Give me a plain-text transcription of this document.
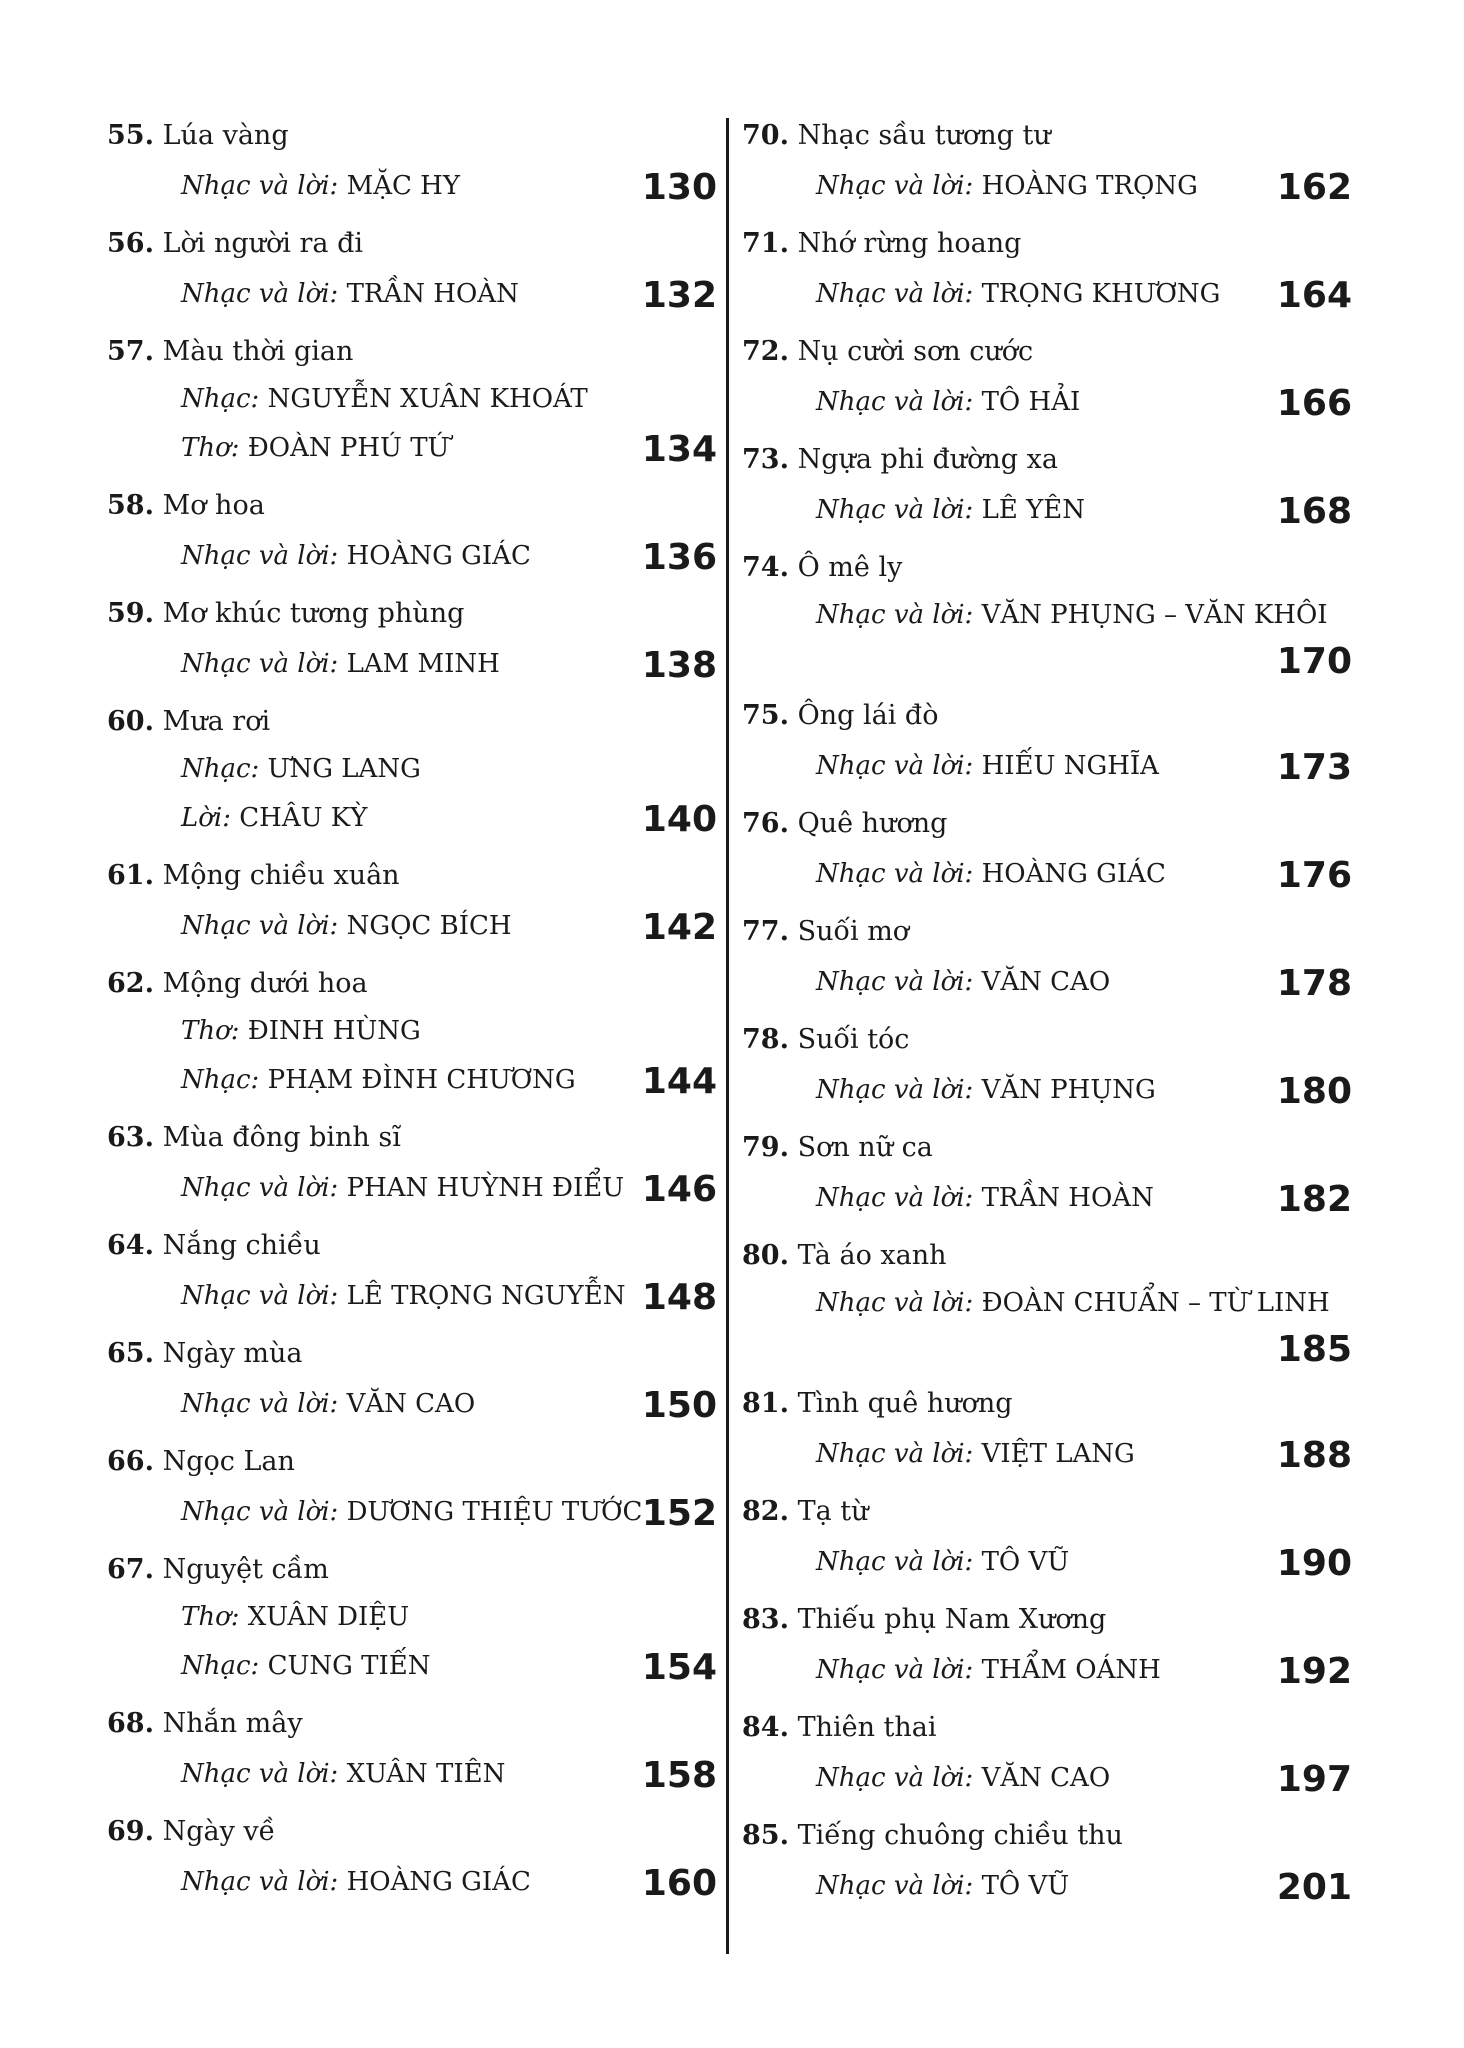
55. Lúa vàng
Nhạc và lời: MẶC HY	130
56. Lời người ra đi
Nhạc và lời: TRẦN HOÀN	132
57. Màu thời gian
Nhạc: NGUYỄN XUÂN KHOÁT
Thơ: ĐOÀN PHÚ TỨ	134
58. Mơ hoa
Nhạc và lời: HOÀNG GIÁC	136
59. Mơ khúc tương phùng
Nhạc và lời: LAM MINH	138
60. Mưa rơi
Nhạc: ƯNG LANG
Lời: CHÂU KỲ	140
61. Mộng chiều xuân
Nhạc và lời: NGỌC BÍCH	142
62. Mộng dưới hoa
Thơ: ĐINH HÙNG
Nhạc: PHẠM ĐÌNH CHƯƠNG 144
63. Mùa đông binh sĩ
Nhạc và lời: PHAN HUỲNH ĐIỂU 146
64. Nắng chiều
Nhạc và lời: LÊ TRỌNG NGUYỄN 148
65. Ngày mùa
Nhạc và lời: VĂN CAO	150
66. Ngọc Lan
Nhạc và lời: DƯƠNG THIỆU TƯỚC 152
67. Nguyệt cầm
Thơ: XUÂN DIỆU
Nhạc: CUNG TIẾN	154
68. Nhắn mây
Nhạc và lời: XUÂN TIÊN	158
69. Ngày về
Nhạc và lời: HOÀNG GIÁC	160
70. Nhạc sầu tương tư
Nhạc và lời: HOÀNG TRỌNG 162
71. Nhớ rừng hoang
Nhạc và lời: TRỌNG KHƯƠNG 164
72. Nụ cười sơn cước
Nhạc và lời: TÔ HẢI	166
73. Ngựa phi đường xa
Nhạc và lời: LÊ YÊN	168
74. Ô mê ly
Nhạc và lời: VĂN PHỤNG – VĂN KHÔI
170
75. Ông lái đò
Nhạc và lời: HIẾU NGHĨA	173
76. Quê hương
Nhạc và lời: HOÀNG GIÁC	176
77. Suối mơ
Nhạc và lời: VĂN CAO	178
78. Suối tóc
Nhạc và lời: VĂN PHỤNG	180
79. Sơn nữ ca
Nhạc và lời: TRẦN HOÀN	182
80. Tà áo xanh
Nhạc và lời: ĐOÀN CHUẨN – TỪ LINH
185
81. Tình quê hương
Nhạc và lời: VIỆT LANG	188
82. Tạ từ
Nhạc và lời: TÔ VŨ	190
83. Thiếu phụ Nam Xương
Nhạc và lời: THẨM OÁNH	192
84. Thiên thai
Nhạc và lời: VĂN CAO	197
85. Tiếng chuông chiều thu
Nhạc và lời: TÔ VŨ	201
